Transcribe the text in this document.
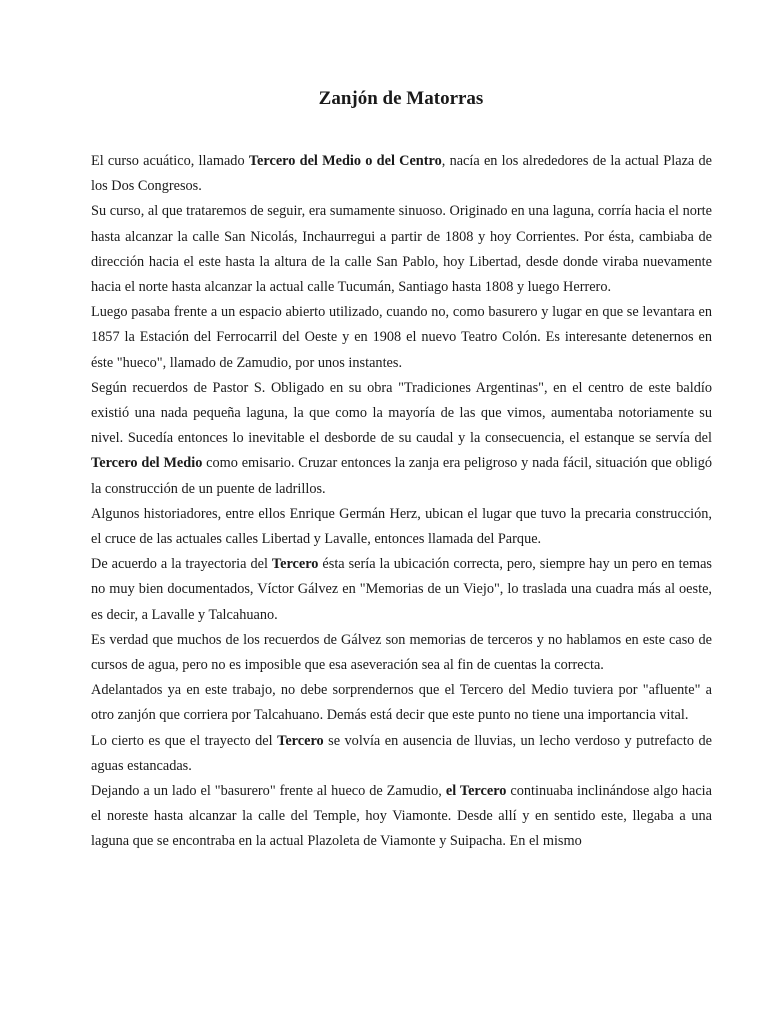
Zanjón de Matorras

El curso acuático, llamado Tercero del Medio o del Centro, nacía en los alrededores de la actual Plaza de los Dos Congresos.

Su curso, al que trataremos de seguir, era sumamente sinuoso. Originado en una laguna, corría hacia el norte hasta alcanzar la calle San Nicolás, Inchaurregui a partir de 1808 y hoy Corrientes. Por ésta, cambiaba de dirección hacia el este hasta la altura de la calle San Pablo, hoy Libertad, desde donde viraba nuevamente hacia el norte hasta alcanzar la actual calle Tucumán, Santiago hasta 1808 y luego Herrero.

Luego pasaba frente a un espacio abierto utilizado, cuando no, como basurero y lugar en que se levantara en 1857 la Estación del Ferrocarril del Oeste y en 1908 el nuevo Teatro Colón. Es interesante detenernos en éste "hueco", llamado de Zamudio, por unos instantes.

Según recuerdos de Pastor S. Obligado en su obra "Tradiciones Argentinas", en el centro de este baldío existió una nada pequeña laguna, la que como la mayoría de las que vimos, aumentaba notoriamente su nivel. Sucedía entonces lo inevitable el desborde de su caudal y la consecuencia, el estanque se servía del Tercero del Medio como emisario. Cruzar entonces la zanja era peligroso y nada fácil, situación que obligó la construcción de un puente de ladrillos.

Algunos historiadores, entre ellos Enrique Germán Herz, ubican el lugar que tuvo la precaria construcción, el cruce de las actuales calles Libertad y Lavalle, entonces llamada del Parque.

De acuerdo a la trayectoria del Tercero ésta sería la ubicación correcta, pero, siempre hay un pero en temas no muy bien documentados, Víctor Gálvez en "Memorias de un Viejo", lo traslada una cuadra más al oeste, es decir, a Lavalle y Talcahuano.

Es verdad que muchos de los recuerdos de Gálvez son memorias de terceros y no hablamos en este caso de cursos de agua, pero no es imposible que esa aseveración sea al fin de cuentas la correcta.

Adelantados ya en este trabajo, no debe sorprendernos que el Tercero del Medio tuviera por "afluente" a otro zanjón que corriera por Talcahuano. Demás está decir que este punto no tiene una importancia vital.

Lo cierto es que el trayecto del Tercero se volvía en ausencia de lluvias, un lecho verdoso y putrefacto de aguas estancadas.

Dejando a un lado el "basurero" frente al hueco de Zamudio, el Tercero continuaba inclinándose algo hacia el noreste hasta alcanzar la calle del Temple, hoy Viamonte. Desde allí y en sentido este, llegaba a una laguna que se encontraba en la actual Plazoleta de Viamonte y Suipacha. En el mismo
